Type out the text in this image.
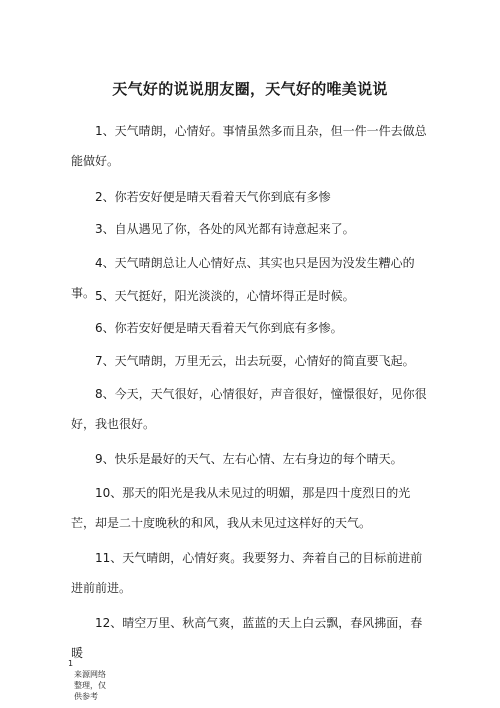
天气好的说说朋友圈，天气好的唯美说说

1、天气晴朗，心情好。事情虽然多而且杂，但一件一件去做总能做好。

2、你若安好便是晴天看着天气你到底有多惨

3、自从遇见了你，各处的风光都有诗意起来了。

4、天气晴朗总让人心情好点、其实也只是因为没发生糟心的事。 5、天气挺好，阳光淡淡的，心情坏得正是时候。

6、你若安好便是晴天看着天气你到底有多惨。

7、天气晴朗，万里无云，出去玩耍，心情好的简直要飞起。

8、今天，天气很好，心情很好，声音很好，憧憬很好，见你很好，我也很好。

9、快乐是最好的天气、左右心情、左右身边的每个晴天。

10、那天的阳光是我从未见过的明媚，那是四十度烈日的光芒，却是二十度晚秋的和风，我从未见过这样好的天气。

11、天气晴朗，心情好爽。我要努力、奔着自己的目标前进前进前前进。

12、晴空万里、秋高气爽，蓝蓝的天上白云飘，春风拂面，春暖

1
来源网络整理，仅供参考
